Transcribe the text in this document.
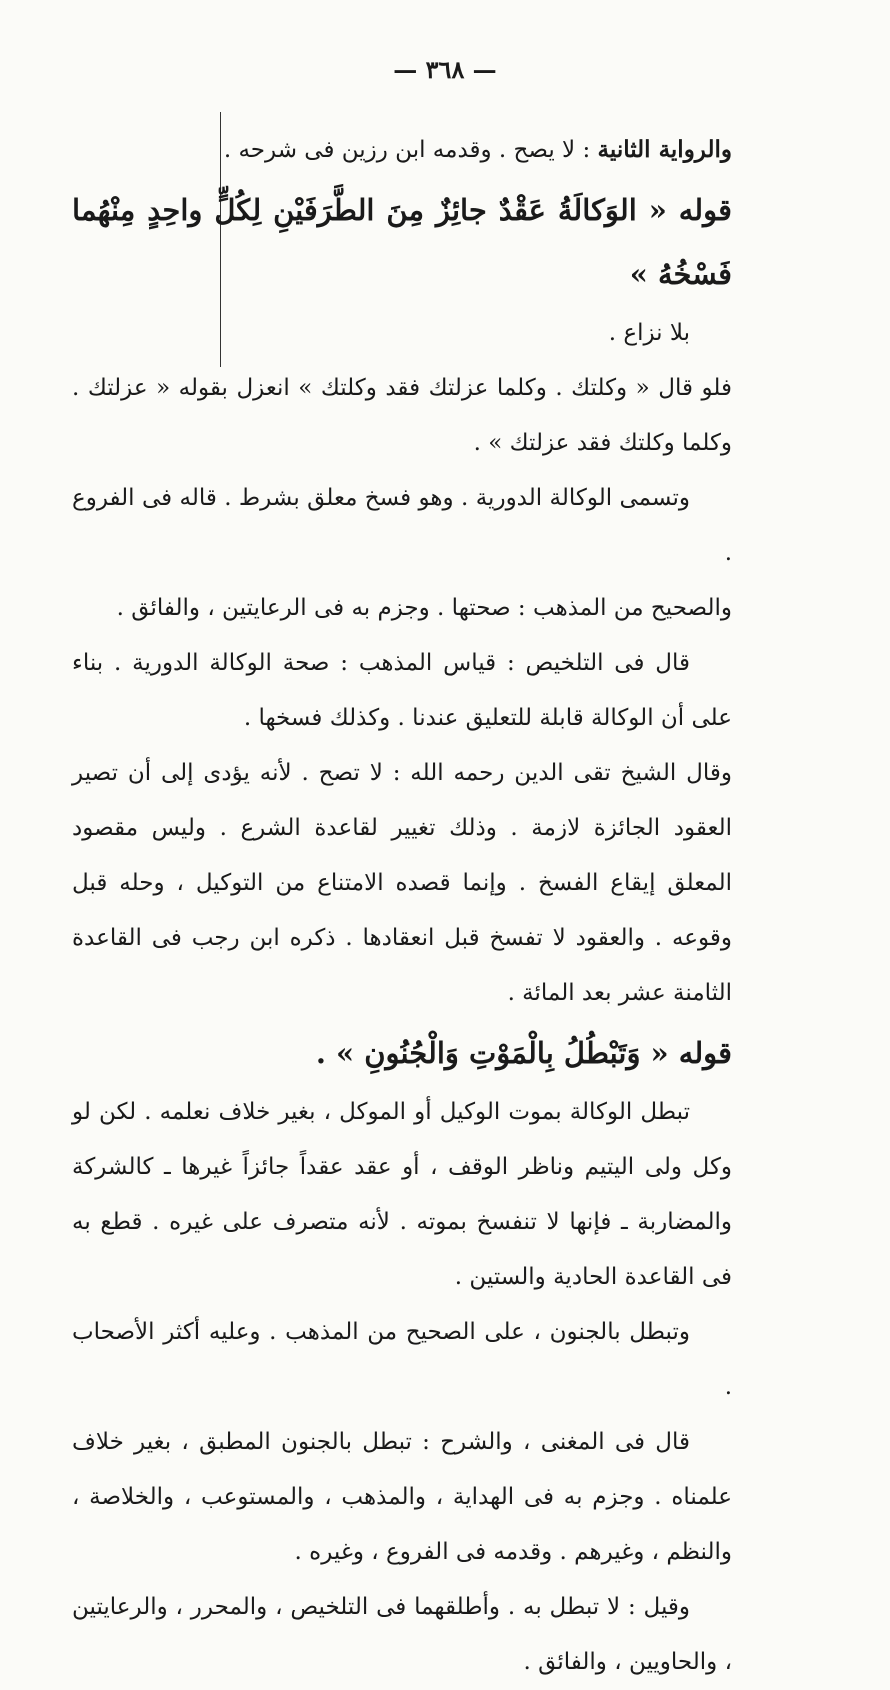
— ٣٦٨ —

والرواية الثانية : لا يصح . وقدمه ابن رزين فى شرحه .

قوله « الوَكالَةُ عَقْدٌ جائِزٌ مِنَ الطَّرَفَيْنِ لِكُلٍّ واحِدٍ مِنْهُما فَسْخُهُ »

بلا نزاع .

فلو قال « وكلتك . وكلما عزلتك فقد وكلتك » انعزل بقوله « عزلتك . وكلما وكلتك فقد عزلتك » .

وتسمى الوكالة الدورية . وهو فسخ معلق بشرط . قاله فى الفروع .

والصحيح من المذهب : صحتها . وجزم به فى الرعايتين ، والفائق .

قال فى التلخيص : قياس المذهب : صحة الوكالة الدورية . بناء على أن الوكالة قابلة للتعليق عندنا . وكذلك فسخها .

وقال الشيخ تقى الدين رحمه الله : لا تصح . لأنه يؤدى إلى أن تصير العقود الجائزة لازمة . وذلك تغيير لقاعدة الشرع . وليس مقصود المعلق إيقاع الفسخ . وإنما قصده الامتناع من التوكيل ، وحله قبل وقوعه . والعقود لا تفسخ قبل انعقادها . ذكره ابن رجب فى القاعدة الثامنة عشر بعد المائة .

قوله « وَتَبْطُلُ بِالْمَوْتِ وَالْجُنُونِ » .

تبطل الوكالة بموت الوكيل أو الموكل ، بغير خلاف نعلمه . لكن لو وكل ولى اليتيم وناظر الوقف ، أو عقد عقداً جائزاً غيرها ـ كالشركة والمضاربة ـ فإنها لا تنفسخ بموته . لأنه متصرف على غيره . قطع به فى القاعدة الحادية والستين .

وتبطل بالجنون ، على الصحيح من المذهب . وعليه أكثر الأصحاب .

قال فى المغنى ، والشرح : تبطل بالجنون المطبق ، بغير خلاف علمناه . وجزم به فى الهداية ، والمذهب ، والمستوعب ، والخلاصة ، والنظم ، وغيرهم . وقدمه فى الفروع ، وغيره .

وقيل : لا تبطل به . وأطلقهما فى التلخيص ، والمحرر ، والرعايتين ، والحاويين ، والفائق .
